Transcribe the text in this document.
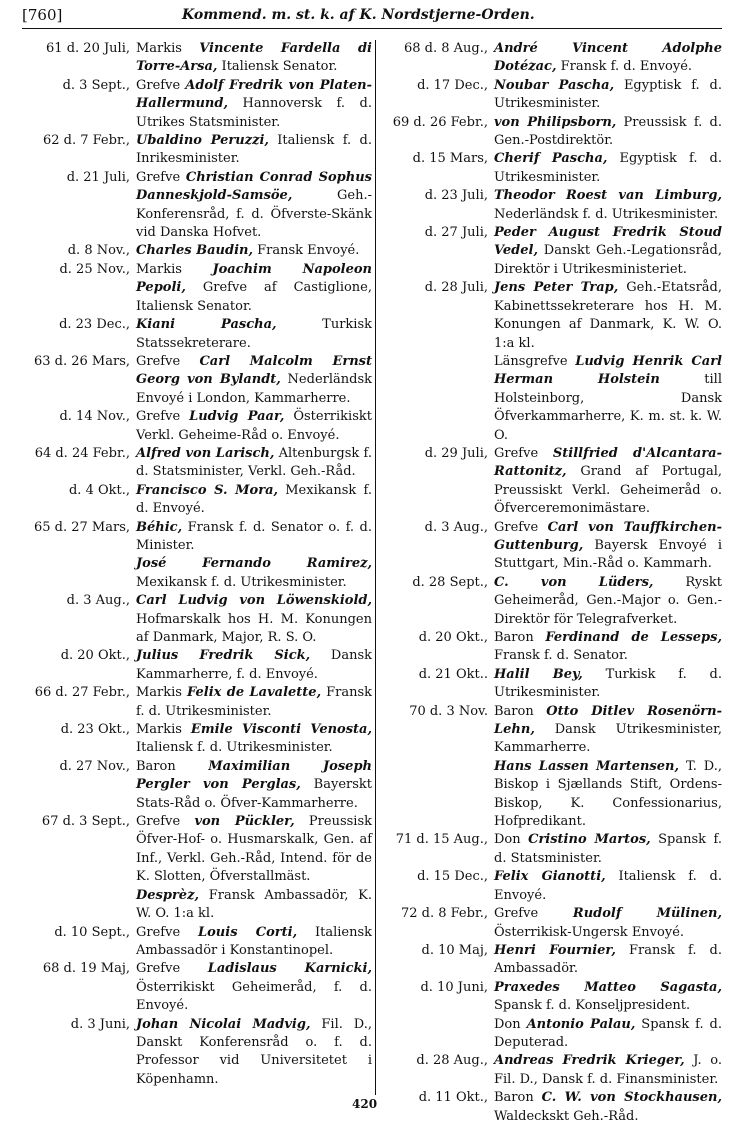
[760]	Kommend. m. st. k. af K. Nordstjerne-Orden.
61 d. 20 Juli, Markis Vincente Fardella di Torre-Arsa, Italiensk Senator.
d. 3 Sept., Grefve Adolf Fredrik von Platen-Hallermund, Hannoversk f. d. Utrikes Statsminister.
62 d. 7 Febr., Ubaldino Peruzzi, Italiensk f. d. Inrikesminister.
d. 21 Juli, Grefve Christian Conrad Sophus Danneskjold-Samsöe, Geh.-Konferensråd, f. d. Öfverste-Skänk vid Danska Hofvet.
d. 8 Nov., Charles Baudin, Fransk Envoyé.
d. 25 Nov., Markis Joachim Napoleon Pepoli, Grefve af Castiglione, Italiensk Senator.
d. 23 Dec., Kiani Pascha, Turkisk Statssekreterare.
63 d. 26 Mars, Grefve Carl Malcolm Ernst Georg von Bylandt, Nederländsk Envoyé i London, Kammarherre.
d. 14 Nov., Grefve Ludvig Paar, Österrikiskt Verkl. Geheime-Råd o. Envoyé.
64 d. 24 Febr., Alfred von Larisch, Altenburgsk f. d. Statsminister, Verkl. Geh.-Råd.
d. 4 Okt., Francisco S. Mora, Mexikansk f. d. Envoyé.
65 d. 27 Mars, Béhic, Fransk f. d. Senator o. f. d. Minister.
José Fernando Ramirez, Mexikansk f. d. Utrikesminister.
d. 3 Aug., Carl Ludvig von Löwenskiold, Hofmarskalk hos H. M. Konungen af Danmark, Major, R. S. O.
d. 20 Okt., Julius Fredrik Sick, Dansk Kammarherre, f. d. Envoyé.
66 d. 27 Febr., Markis Felix de Lavalette, Fransk f. d. Utrikesminister.
d. 23 Okt., Markis Emile Visconti Venosta, Italiensk f. d. Utrikesminister.
d. 27 Nov., Baron Maximilian Joseph Pergler von Perglas, Bayerskt Stats-Råd o. Öfver-Kammarherre.
67 d. 3 Sept., Grefve von Pückler, Preussisk Öfver-Hof- o. Husmarskalk, Gen. af Inf., Verkl. Geh.-Råd, Intend. för de K. Slotten, Öfverstallmäst.
Desprèz, Fransk Ambassadör, K. W. O. 1:a kl.
d. 10 Sept., Grefve Louis Corti, Italiensk Ambassadör i Konstantinopel.
68 d. 19 Maj, Grefve Ladislaus Karnicki, Österrikiskt Geheimeråd, f. d. Envoyé.
d. 3 Juni, Johan Nicolai Madvig, Fil. D., Danskt Konferensråd o. f. d. Professor vid Universitetet i Köpenhamn.
68 d. 8 Aug., André Vincent Adolphe Dotézac, Fransk f. d. Envoyé.
d. 17 Dec., Noubar Pascha, Egyptisk f. d. Utrikesminister.
69 d. 26 Febr., von Philipsborn, Preussisk f. d. Gen.-Postdirektör.
d. 15 Mars, Cherif Pascha, Egyptisk f. d. Utrikesminister.
d. 23 Juli, Theodor Roest van Limburg, Nederländsk f. d. Utrikesminister.
d. 27 Juli, Peder August Fredrik Stoud Vedel, Danskt Geh.-Legationsråd, Direktör i Utrikesministeriet.
d. 28 Juli, Jens Peter Trap, Geh.-Etatsråd, Kabinettssekreterare hos H. M. Konungen af Danmark, K. W. O. 1:a kl.
Länsgrefve Ludvig Henrik Carl Herman Holstein till Holsteinborg, Dansk Öfverkammarherre, K. m. st. k. W. O.
d. 29 Juli, Grefve Stillfried d'Alcantara-Rattonitz, Grand af Portugal, Preussiskt Verkl. Geheimeråd o. Öfverceremonimästare.
d. 3 Aug., Grefve Carl von Tauffkirchen-Guttenburg, Bayersk Envoyé i Stuttgart, Min.-Råd o. Kammarh.
d. 28 Sept., C. von Lüders, Ryskt Geheimeråd, Gen.-Major o. Gen.-Direktör för Telegrafverket.
d. 20 Okt., Baron Ferdinand de Lesseps, Fransk f. d. Senator.
d. 21 Okt.. Halil Bey, Turkisk f. d. Utrikesminister.
70 d. 3 Nov. Baron Otto Ditlev Rosenörn-Lehn, Dansk Utrikesminister, Kammarherre.
Hans Lassen Martensen, T. D., Biskop i Sjællands Stift, Ordens-Biskop, K. Confessionarius, Hofpredikant.
71 d. 15 Aug., Don Cristino Martos, Spansk f. d. Statsminister.
d. 15 Dec., Felix Gianotti, Italiensk f. d. Envoyé.
72 d. 8 Febr., Grefve Rudolf Mülinen, Österrikisk-Ungersk Envoyé.
d. 10 Maj, Henri Fournier, Fransk f. d. Ambassadör.
d. 10 Juni, Praxedes Matteo Sagasta, Spansk f. d. Konseljpresident.
Don Antonio Palau, Spansk f. d. Deputerad.
d. 28 Aug., Andreas Fredrik Krieger, J. o. Fil. D., Dansk f. d. Finansminister.
d. 11 Okt., Baron C. W. von Stockhausen, Waldeckskt Geh.-Råd.
420
